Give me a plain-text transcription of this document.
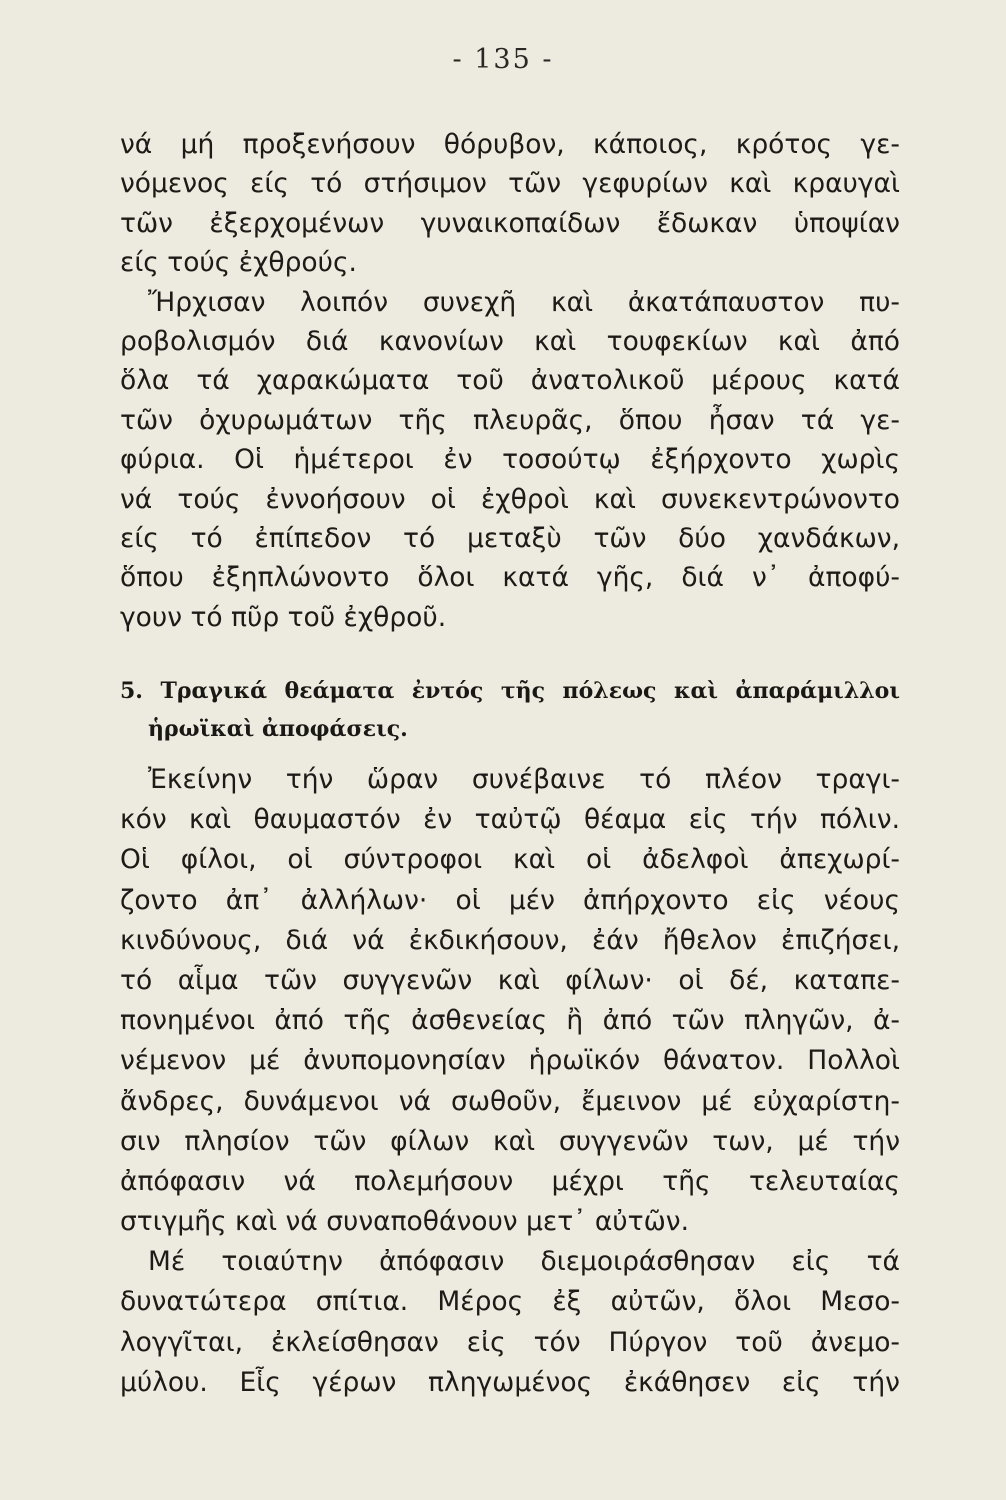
- 135 -
νά μή προξενήσουν θόρυβον, κάποιος, κρότος γε-
νόμενος είς τό στήσιμον τῶν γεφυρίων καὶ κραυγαὶ
τῶν ἐξερχομένων γυναικοπαίδων ἔδωκαν ὑποψίαν
είς τούς ἐχθρούς.
Ἤρχισαν λοιπόν συνεχῆ καὶ ἀκατάπαυστον πυ-
ροβολισμόν διά κανονίων καὶ τουφεκίων καὶ ἀπό
ὅλα τά χαρακώματα τοῦ ἀνατολικοῦ μέρους κατά
τῶν ὀχυρωμάτων τῆς πλευρᾶς, ὅπου ἦσαν τά γε-
φύρια. Οἱ ἡμέτεροι ἐν τοσούτῳ ἐξήρχοντο χωρὶς
νά τούς ἐννοήσουν οἱ ἐχθροὶ καὶ συνεκεντρώνοντο
είς τό ἐπίπεδον τό μεταξὺ τῶν δύο χανδάκων,
ὅπου ἐξηπλώνοντο ὅλοι κατά γῆς, διά ν᾽ ἀποφύ-
γουν τό πῦρ τοῦ ἐχθροῦ.
5. Τραγικά θεάματα ἐντός τῆς πόλεως καὶ ἀπαράμιλλοι
ἡρωϊκαὶ ἀποφάσεις.
Ἐκείνην τήν ὥραν συνέβαινε τό πλέον τραγι-
κόν καὶ θαυμαστόν ἐν ταὐτῷ θέαμα εἰς τήν πόλιν.
Οἱ φίλοι, οἱ σύντροφοι καὶ οἱ ἀδελφοὶ ἀπεχωρί-
ζοντο ἀπ᾽ ἀλλήλων· οἱ μέν ἀπήρχοντο εἰς νέους
κινδύνους, διά νά ἐκδικήσουν, ἐάν ἤθελον ἐπιζήσει,
τό αἷμα τῶν συγγενῶν καὶ φίλων· οἱ δέ, καταπε-
πονημένοι ἀπό τῆς ἀσθενείας ἢ ἀπό τῶν πληγῶν, ἀ-
νέμενον μέ ἀνυπομονησίαν ἡρωϊκόν θάνατον. Πολλοὶ
ἄνδρες, δυνάμενοι νά σωθοῦν, ἔμεινον μέ εὐχαρίστη-
σιν πλησίον τῶν φίλων καὶ συγγενῶν των, μέ τήν
ἀπόφασιν νά πολεμήσουν μέχρι τῆς τελευταίας
στιγμῆς καὶ νά συναποθάνουν μετ᾽ αὐτῶν.
Μέ τοιαύτην ἀπόφασιν διεμοιράσθησαν εἰς τά
δυνατώτερα σπίτια. Μέρος ἐξ αὐτῶν, ὅλοι Μεσο-
λογγῖται, ἐκλείσθησαν εἰς τόν Πύργον τοῦ ἀνεμο-
μύλου. Εἷς γέρων πληγωμένος ἐκάθησεν εἰς τήν
